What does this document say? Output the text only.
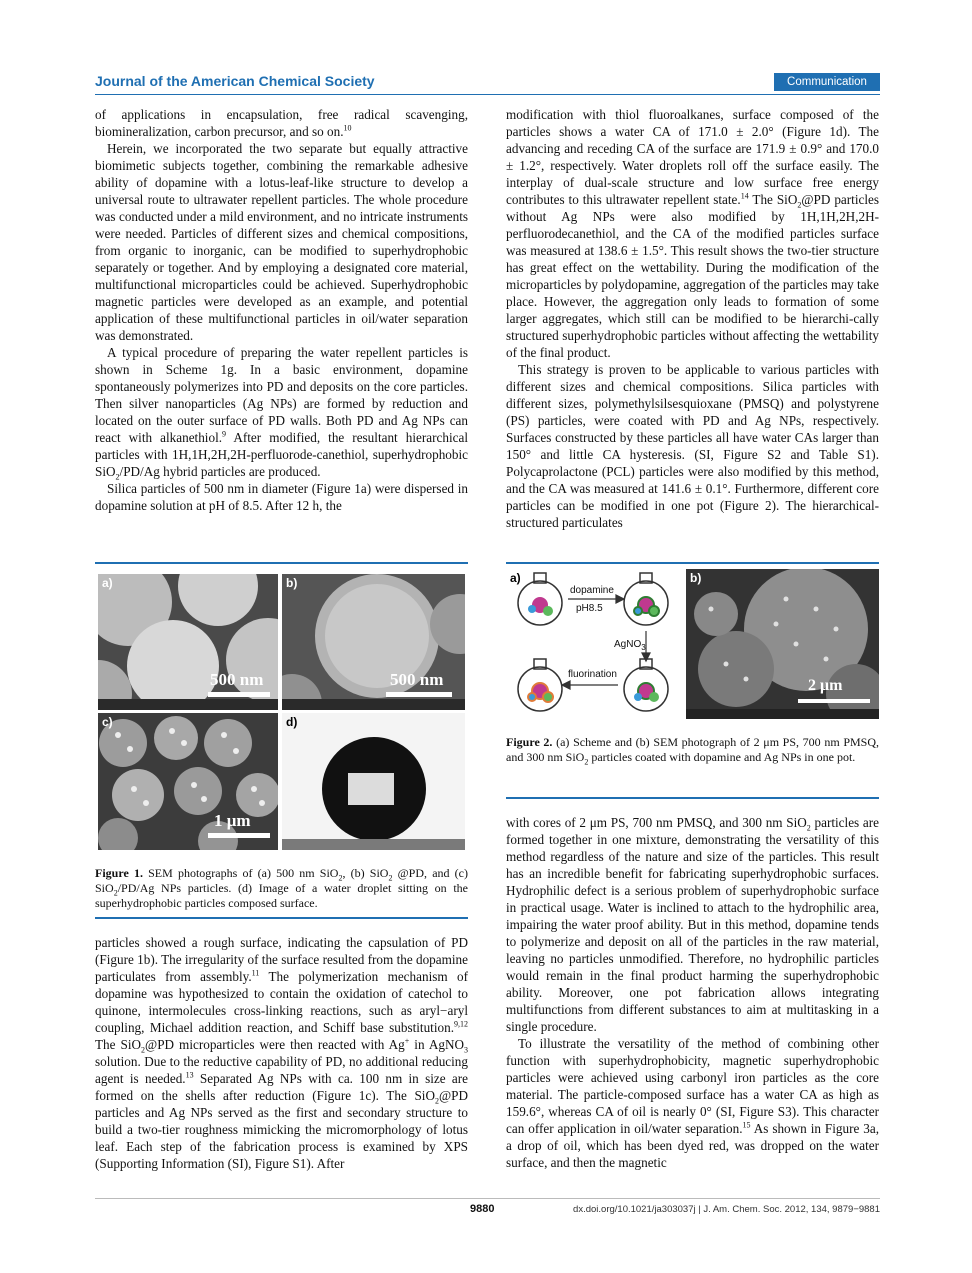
Journal of the American Chemical Society	Communication

of applications in encapsulation, free radical scavenging, biomineralization, carbon precursor, and so on.$^{10}$

Herein, we incorporated the two separate but equally attractive biomimetic subjects together, combining the remarkable adhesive ability of dopamine with a lotus-leaf-like structure to develop a universal route to ultrawater repellent particles. The whole procedure was conducted under a mild environment, and no intricate instruments were needed. Particles of different sizes and chemical compositions, from organic to inorganic, can be modified to superhydrophobic separately or together. And by employing a designated core material, multifunctional microparticles could be achieved. Superhydrophobic magnetic particles were developed as an example, and potential application of these multifunctional particles in oil/water separation was demonstrated.

A typical procedure of preparing the water repellent particles is shown in Scheme 1g. In a basic environment, dopamine spontaneously polymerizes into PD and deposits on the core particles. Then silver nanoparticles (Ag NPs) are formed by reduction and located on the outer surface of PD walls. Both PD and Ag NPs can react with alkanethiol.$^9$ After modified, the resultant hierarchical particles with 1H,1H,2H,2H-perfluorode-canethiol, superhydrophobic SiO$_2$/PD/Ag hybrid particles are produced.

Silica particles of 500 nm in diameter (Figure 1a) were dispersed in dopamine solution at pH of 8.5. After 12 h, the

a)
500 nm
b)
500 nm
c)
1 μm
d)
Figure 1. SEM photographs of (a) 500 nm SiO$_2$, (b) SiO$_2$ @PD, and (c) SiO$_2$/PD/Ag NPs particles. (d) Image of a water droplet sitting on the superhydrophobic particles composed surface.

particles showed a rough surface, indicating the capsulation of PD (Figure 1b). The irregularity of the surface resulted from the dopamine particulates from assembly.$^{11}$ The polymerization mechanism of dopamine was hypothesized to contain the oxidation of catechol to quinone, intermolecules cross-linking reactions, such as aryl−aryl coupling, Michael addition reaction, and Schiff base substitution.$^{9,12}$ The SiO$_2$@PD microparticles were then reacted with Ag+ in AgNO$_3$ solution. Due to the reductive capability of PD, no additional reducing agent is needed.$^{13}$ Separated Ag NPs with ca. 100 nm in size are formed on the shells after reduction (Figure 1c). The SiO$_2$@PD particles and Ag NPs served as the first and secondary structure to build a two-tier roughness mimicking the micromorphology of lotus leaf. Each step of the fabrication process is examined by XPS (Supporting Information (SI), Figure S1). After

modification with thiol fluoroalkanes, surface composed of the particles shows a water CA of 171.0 ± 2.0° (Figure 1d). The advancing and receding CA of the surface are 171.9 ± 0.9° and 170.0 ± 1.2°, respectively. Water droplets roll off the surface easily. The interplay of dual-scale structure and low surface free energy contributes to this ultrawater repellent state.$^{14}$ The SiO$_2$@PD particles without Ag NPs were also modified by 1H,1H,2H,2H-perfluorodecanethiol, and the CA of the modified particles surface was measured at 138.6 ± 1.5°. This result shows the two-tier structure has great effect on the wettability. During the modification of the microparticles by polydopamine, aggregation of the particles may take place. However, the aggregation only leads to formation of some larger aggregates, which still can be modified to be hierarchi-cally structured superhydrophobic particles without affecting the wettability of the final product.

This strategy is proven to be applicable to various particles with different sizes and chemical compositions. Silica particles with different sizes, polymethylsilsesquioxane (PMSQ) and polystyrene (PS) particles, were coated with PD and Ag NPs, respectively. Surfaces constructed by these particles all have water CAs larger than 150° and little CA hysteresis. (SI, Figure S2 and Table S1). Polycaprolactone (PCL) particles were also modified by this method, and the CA was measured at 141.6 ± 0.1°. Furthermore, different core particles can be modified in one pot (Figure 2). The hierarchical-structured particulates

a)
dopamine
pH8.5
AgNO$_3$
fluorination
b)
2 μm
Figure 2. (a) Scheme and (b) SEM photograph of 2 μm PS, 700 nm PMSQ, and 300 nm SiO$_2$ particles coated with dopamine and Ag NPs in one pot.

with cores of 2 μm PS, 700 nm PMSQ, and 300 nm SiO$_2$ particles are formed together in one mixture, demonstrating the versatility of this method regardless of the nature and size of the particles. This result has an incredible benefit for fabricating superhydrophobic surfaces. Hydrophilic defect is a serious problem of superhydrophobic surface in practical usage. Water is inclined to attach to the hydrophilic area, impairing the water proof ability. But in this method, dopamine tends to polymerize and deposit on all of the particles in the raw material, leaving no particles unmodified. Therefore, no hydrophilic particles would remain in the final product harming the superhydrophobic ability. Moreover, one pot fabrication allows integrating multifunctions from different substances to aim at multitasking in a single procedure.

To illustrate the versatility of the method of combining other function with superhydrophobicity, magnetic superhydrophobic particles were achieved using carbonyl iron particles as the core material. The particle-composed surface has a water CA as high as 159.6°, whereas CA of oil is nearly 0° (SI, Figure S3). This character can offer application in oil/water separation.$^{15}$ As shown in Figure 3a, a drop of oil, which has been dyed red, was dropped on the water surface, and then the magnetic

9880	dx.doi.org/10.1021/ja303037j | J. Am. Chem. Soc. 2012, 134, 9879−9881
